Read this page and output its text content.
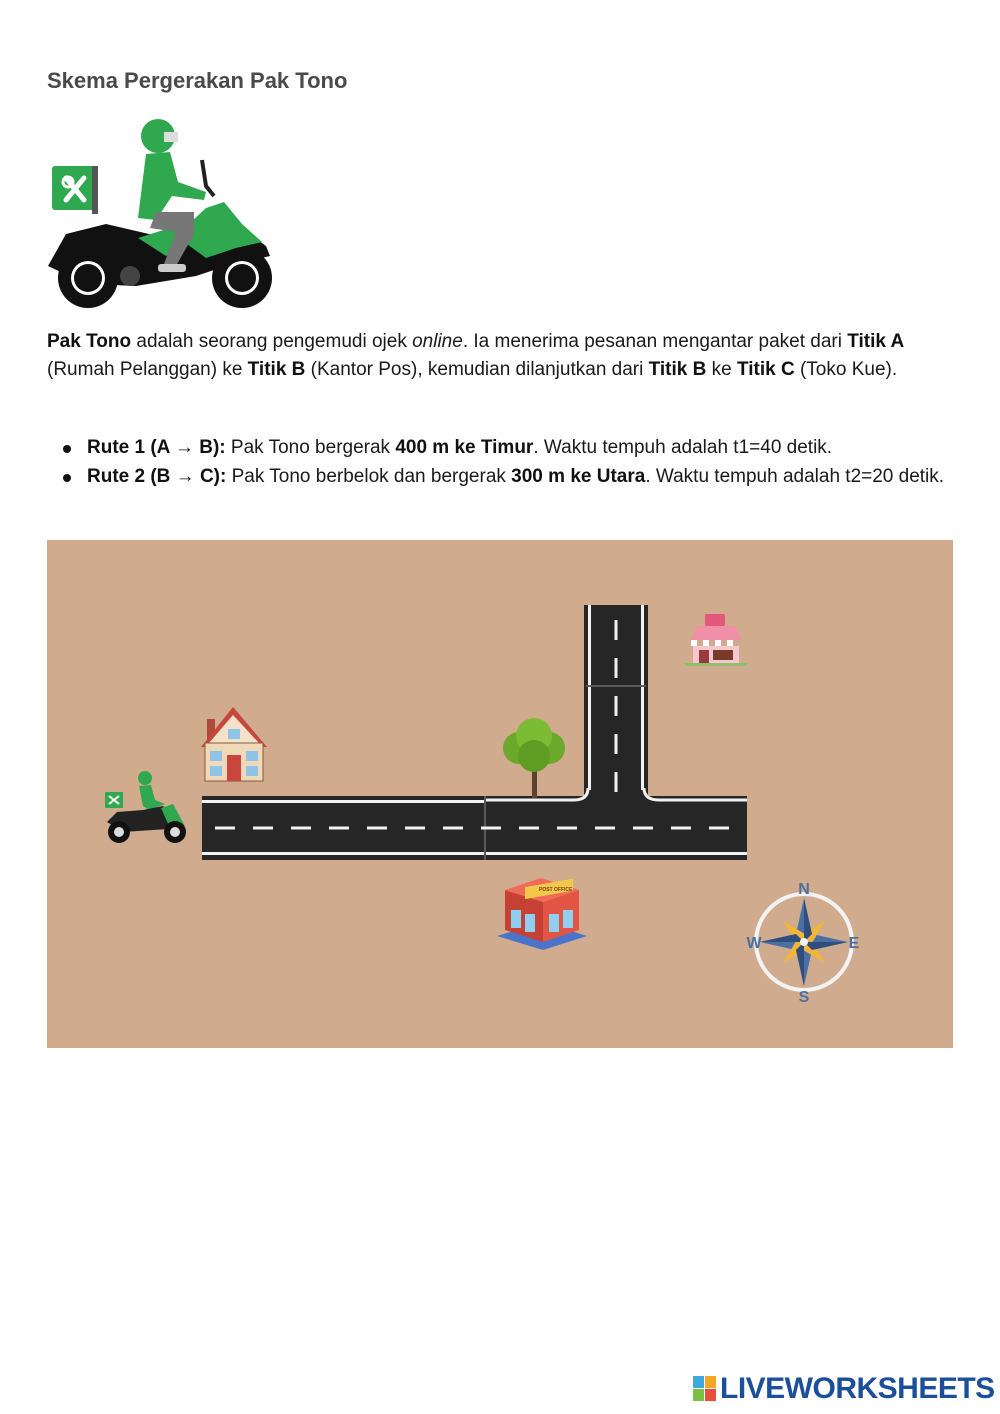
Skema Pergerakan Pak Tono

Pak Tono adalah seorang pengemudi ojek online. Ia menerima pesanan mengantar paket dari Titik A (Rumah Pelanggan) ke Titik B (Kantor Pos), kemudian dilanjutkan dari Titik B ke Titik C (Toko Kue).

Rute 1 (A → B): Pak Tono bergerak 400 m ke Timur. Waktu tempuh adalah t1=40 detik.
Rute 2 (B → C): Pak Tono berbelok dan bergerak 300 m ke Utara. Waktu tempuh adalah t2=20 detik.
POST OFFICE	N
S
E
W
LIVEWORKSHEETS
